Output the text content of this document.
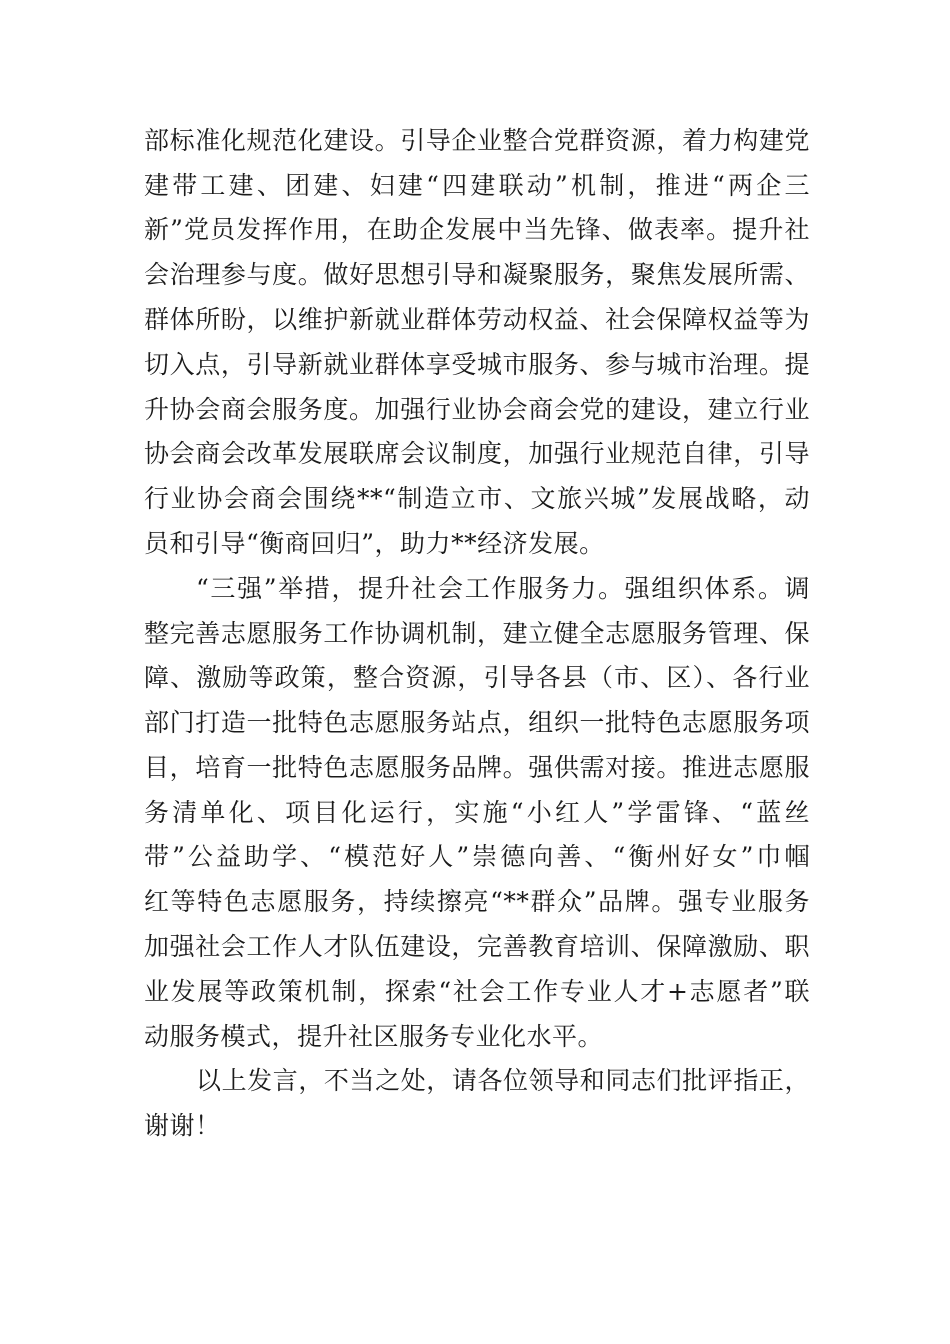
部标准化规范化建设。引导企业整合党群资源，着力构建党

建带工建、团建、妇建“四建联动”机制，推进“两企三

新”党员发挥作用，在助企发展中当先锋、做表率。提升社

会治理参与度。做好思想引导和凝聚服务，聚焦发展所需、

群体所盼，以维护新就业群体劳动权益、社会保障权益等为

切入点，引导新就业群体享受城市服务、参与城市治理。提

升协会商会服务度。加强行业协会商会党的建设，建立行业

协会商会改革发展联席会议制度，加强行业规范自律，引导

行业协会商会围绕**“制造立市、文旅兴城”发展战略，动

员和引导“衡商回归”，助力**经济发展。

“三强”举措，提升社会工作服务力。强组织体系。调

整完善志愿服务工作协调机制，建立健全志愿服务管理、保

障、激励等政策，整合资源，引导各县（市、区）、各行业

部门打造一批特色志愿服务站点，组织一批特色志愿服务项

目，培育一批特色志愿服务品牌。强供需对接。推进志愿服

务清单化、项目化运行，实施“小红人”学雷锋、“蓝丝

带”公益助学、“模范好人”崇德向善、“衡州好女”巾帼

红等特色志愿服务，持续擦亮“**群众”品牌。强专业服务

加强社会工作人才队伍建设，完善教育培训、保障激励、职

业发展等政策机制，探索“社会工作专业人才+志愿者”联

动服务模式，提升社区服务专业化水平。

以上发言，不当之处，请各位领导和同志们批评指正，

谢谢！
